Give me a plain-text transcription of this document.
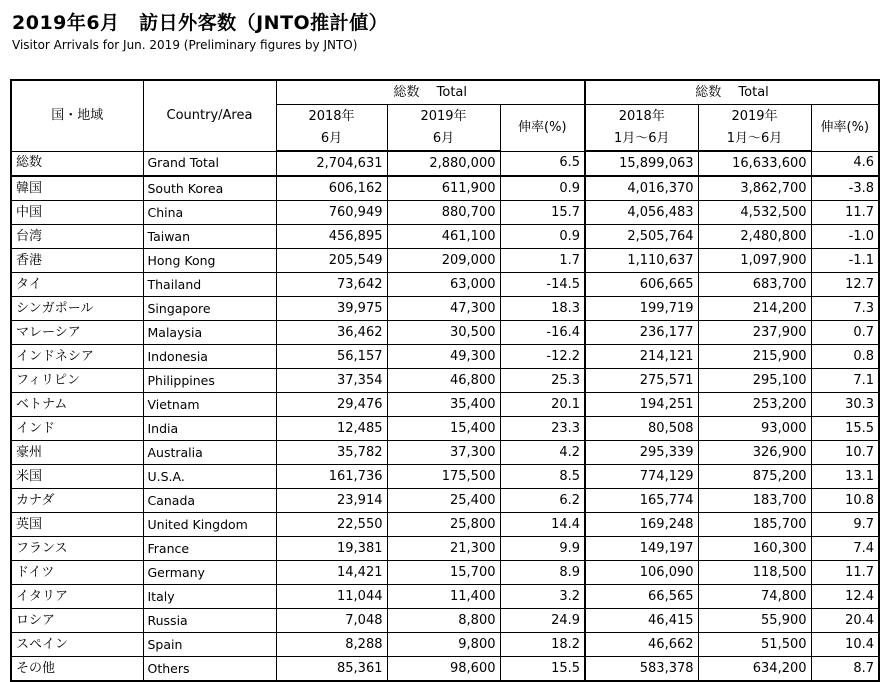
2019年6月　訪日外客数（JNTO推計値）
Visitor Arrivals for Jun. 2019 (Preliminary figures by JNTO)
国・地域	Country/Area	総数　 Total			総数　 Total		
		2018年	2019年	伸率(%)	2018年	2019年	伸率(%)
		6月	6月		1月～6月	1月～6月	
総数	Grand Total	2,704,631	2,880,000	6.5	15,899,063	16,633,600	4.6
韓国	South Korea	606,162	611,900	0.9	4,016,370	3,862,700	-3.8
中国	China	760,949	880,700	15.7	4,056,483	4,532,500	11.7
台湾	Taiwan	456,895	461,100	0.9	2,505,764	2,480,800	-1.0
香港	Hong Kong	205,549	209,000	1.7	1,110,637	1,097,900	-1.1
タイ	Thailand	73,642	63,000	-14.5	606,665	683,700	12.7
シンガポール	Singapore	39,975	47,300	18.3	199,719	214,200	7.3
マレーシア	Malaysia	36,462	30,500	-16.4	236,177	237,900	0.7
インドネシア	Indonesia	56,157	49,300	-12.2	214,121	215,900	0.8
フィリピン	Philippines	37,354	46,800	25.3	275,571	295,100	7.1
ベトナム	Vietnam	29,476	35,400	20.1	194,251	253,200	30.3
インド	India	12,485	15,400	23.3	80,508	93,000	15.5
豪州	Australia	35,782	37,300	4.2	295,339	326,900	10.7
米国	U.S.A.	161,736	175,500	8.5	774,129	875,200	13.1
カナダ	Canada	23,914	25,400	6.2	165,774	183,700	10.8
英国	United Kingdom	22,550	25,800	14.4	169,248	185,700	9.7
フランス	France	19,381	21,300	9.9	149,197	160,300	7.4
ドイツ	Germany	14,421	15,700	8.9	106,090	118,500	11.7
イタリア	Italy	11,044	11,400	3.2	66,565	74,800	12.4
ロシア	Russia	7,048	8,800	24.9	46,415	55,900	20.4
スペイン	Spain	8,288	9,800	18.2	46,662	51,500	10.4
その他	Others	85,361	98,600	15.5	583,378	634,200	8.7
